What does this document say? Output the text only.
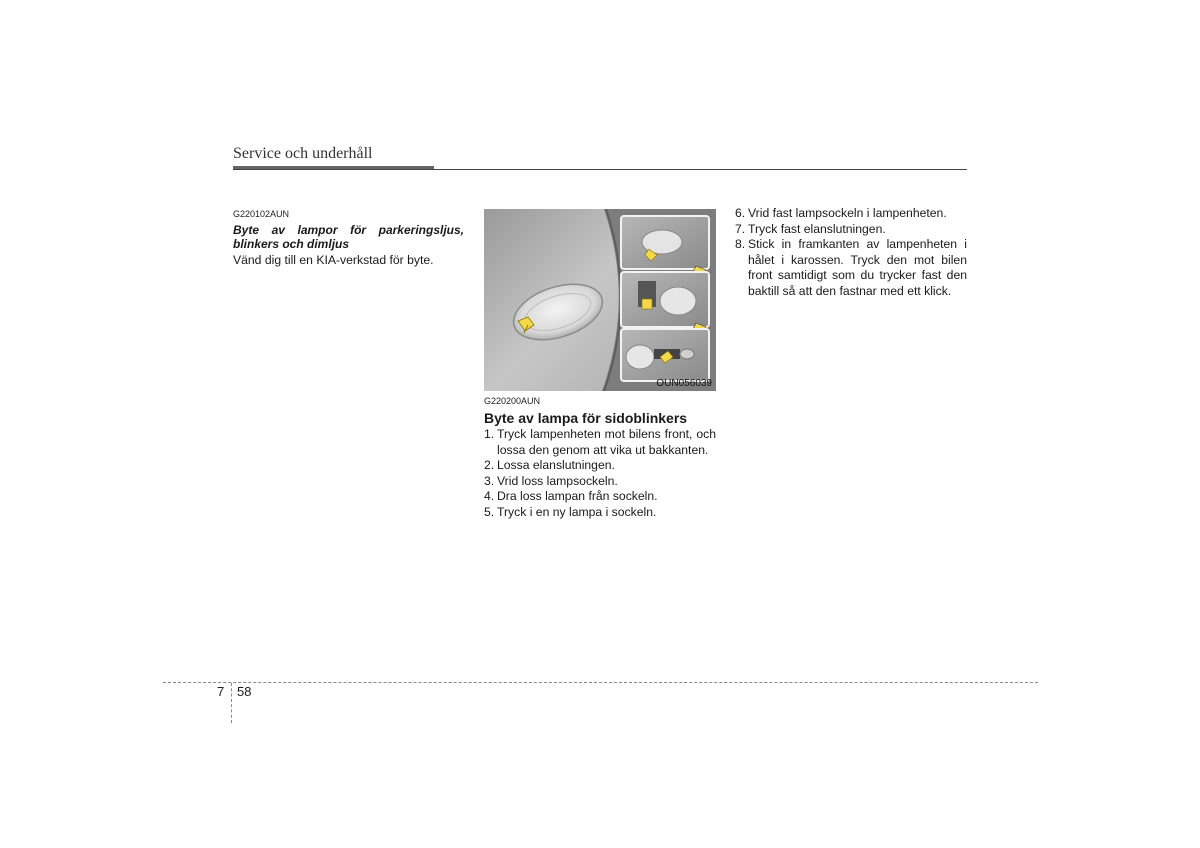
Service och underhåll
G220102AUN
Byte av lampor för parkeringsljus, blinkers och dimljus
Vänd dig till en KIA-verkstad för byte.
OUN056039
G220200AUN
Byte av lampa för sidoblinkers
1. Tryck lampenheten mot bilens front, och lossa den genom att vika ut bakkanten.
2. Lossa elanslutningen.
3. Vrid loss lampsockeln.
4. Dra loss lampan från sockeln.
5. Tryck i en ny lampa i sockeln.
6. Vrid fast lampsockeln i lampenheten.
7. Tryck fast elanslutningen.
8. Stick in framkanten av lampenheten i hålet i karossen. Tryck den mot bilen front samtidigt som du trycker fast den baktill så att den fastnar med ett klick.
7 58
